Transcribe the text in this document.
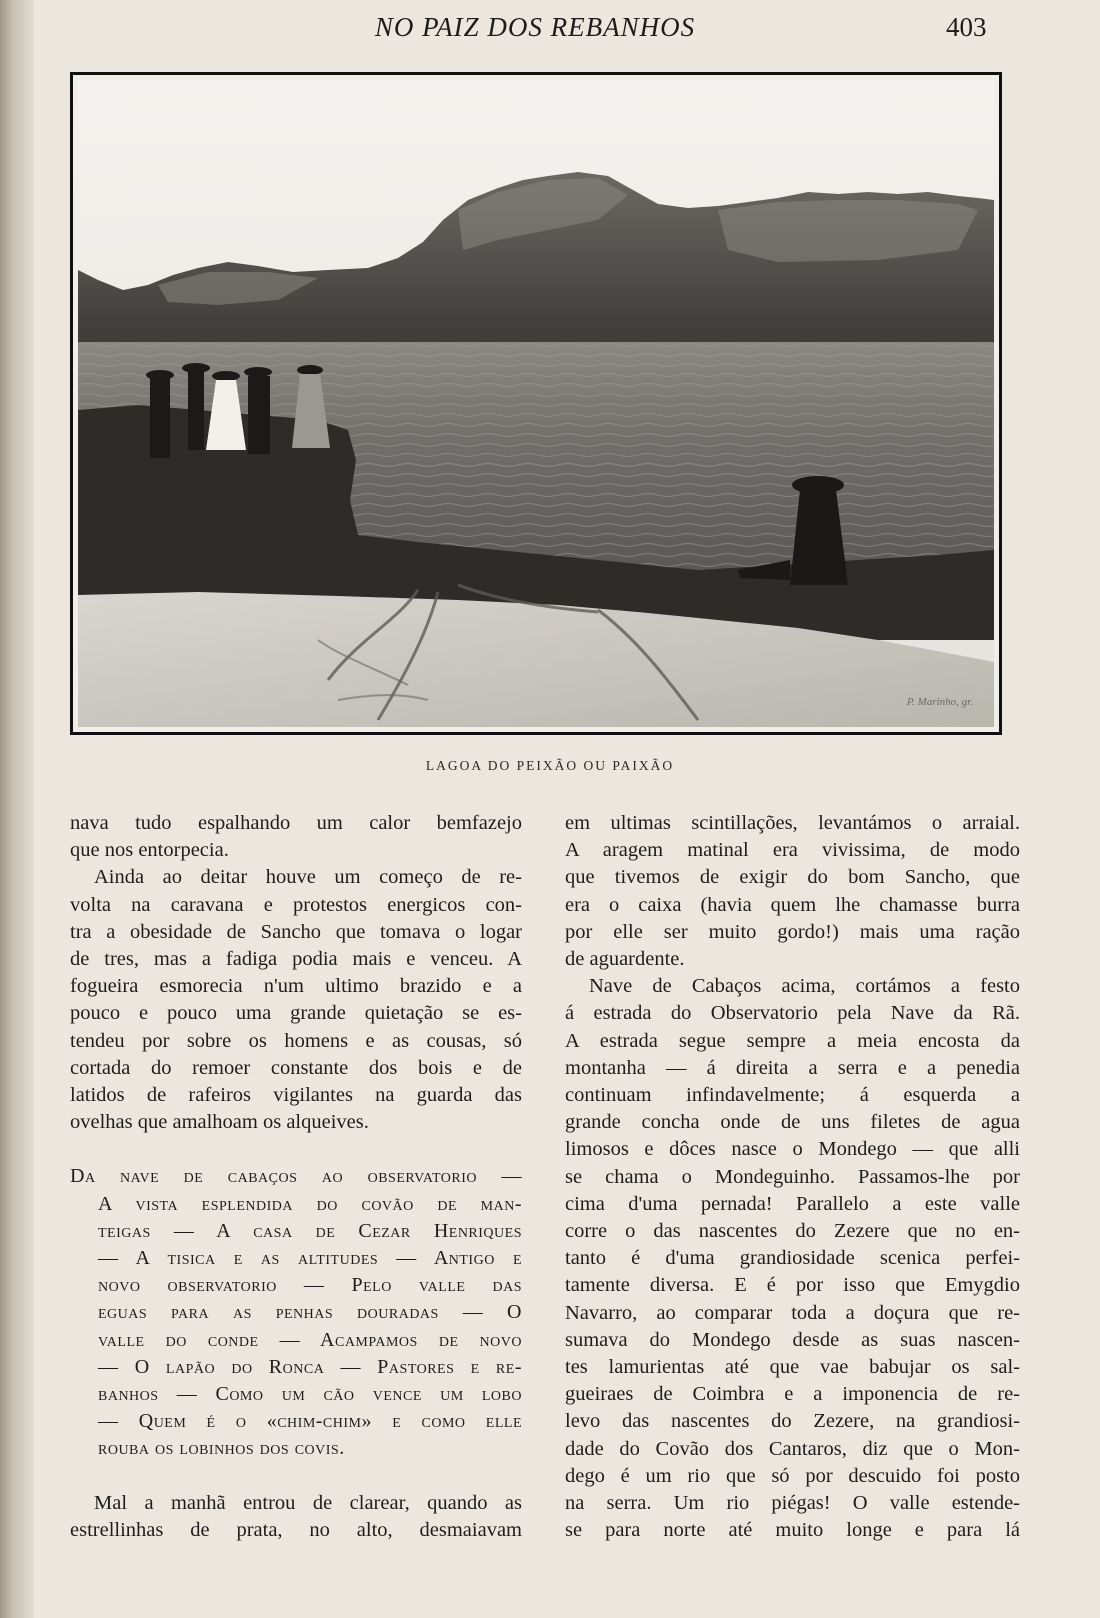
NO PAIZ DOS REBANHOS	403
P. Marinho, gr.
LAGOA DO PEIXÃO OU PAIXÃO
nava tudo espalhando um calor bemfazejo
que nos entorpecia.
Ainda ao deitar houve um começo de re-
volta na caravana e protestos energicos con-
tra a obesidade de Sancho que tomava o logar
de tres, mas a fadiga podia mais e venceu. A
fogueira esmorecia n'um ultimo brazido e a
pouco e pouco uma grande quietação se es-
tendeu por sobre os homens e as cousas, só
cortada do remoer constante dos bois e de
latidos de rafeiros vigilantes na guarda das
ovelhas que amalhoam os alqueives.
Da nave de cabaços ao observatorio —
A vista esplendida do covão de man-
teigas — A casa de Cezar Henriques
— A tisica e as altitudes — Antigo e
novo observatorio — Pelo valle das
eguas para as penhas douradas — O
valle do conde — Acampamos de novo
— O lapão do Ronca — Pastores e re-
banhos — Como um cão vence um lobo
— Quem é o «chim-chim» e como elle
rouba os lobinhos dos covis.
Mal a manhã entrou de clarear, quando as
estrellinhas de prata, no alto, desmaiavam
em ultimas scintillações, levantámos o arraial.
A aragem matinal era vivissima, de modo
que tivemos de exigir do bom Sancho, que
era o caixa (havia quem lhe chamasse burra
por elle ser muito gordo!) mais uma ração
de aguardente.
Nave de Cabaços acima, cortámos a festo
á estrada do Observatorio pela Nave da Rã.
A estrada segue sempre a meia encosta da
montanha — á direita a serra e a penedia
continuam infindavelmente; á esquerda a
grande concha onde de uns filetes de agua
limosos e dôces nasce o Mondego — que alli
se chama o Mondeguinho. Passamos-lhe por
cima d'uma pernada! Parallelo a este valle
corre o das nascentes do Zezere que no en-
tanto é d'uma grandiosidade scenica perfei-
tamente diversa. E é por isso que Emygdio
Navarro, ao comparar toda a doçura que re-
sumava do Mondego desde as suas nascen-
tes lamurientas até que vae babujar os sal-
gueiraes de Coimbra e a imponencia de re-
levo das nascentes do Zezere, na grandiosi-
dade do Covão dos Cantaros, diz que o Mon-
dego é um rio que só por descuido foi posto
na serra. Um rio piégas! O valle estende-
se para norte até muito longe e para lá
